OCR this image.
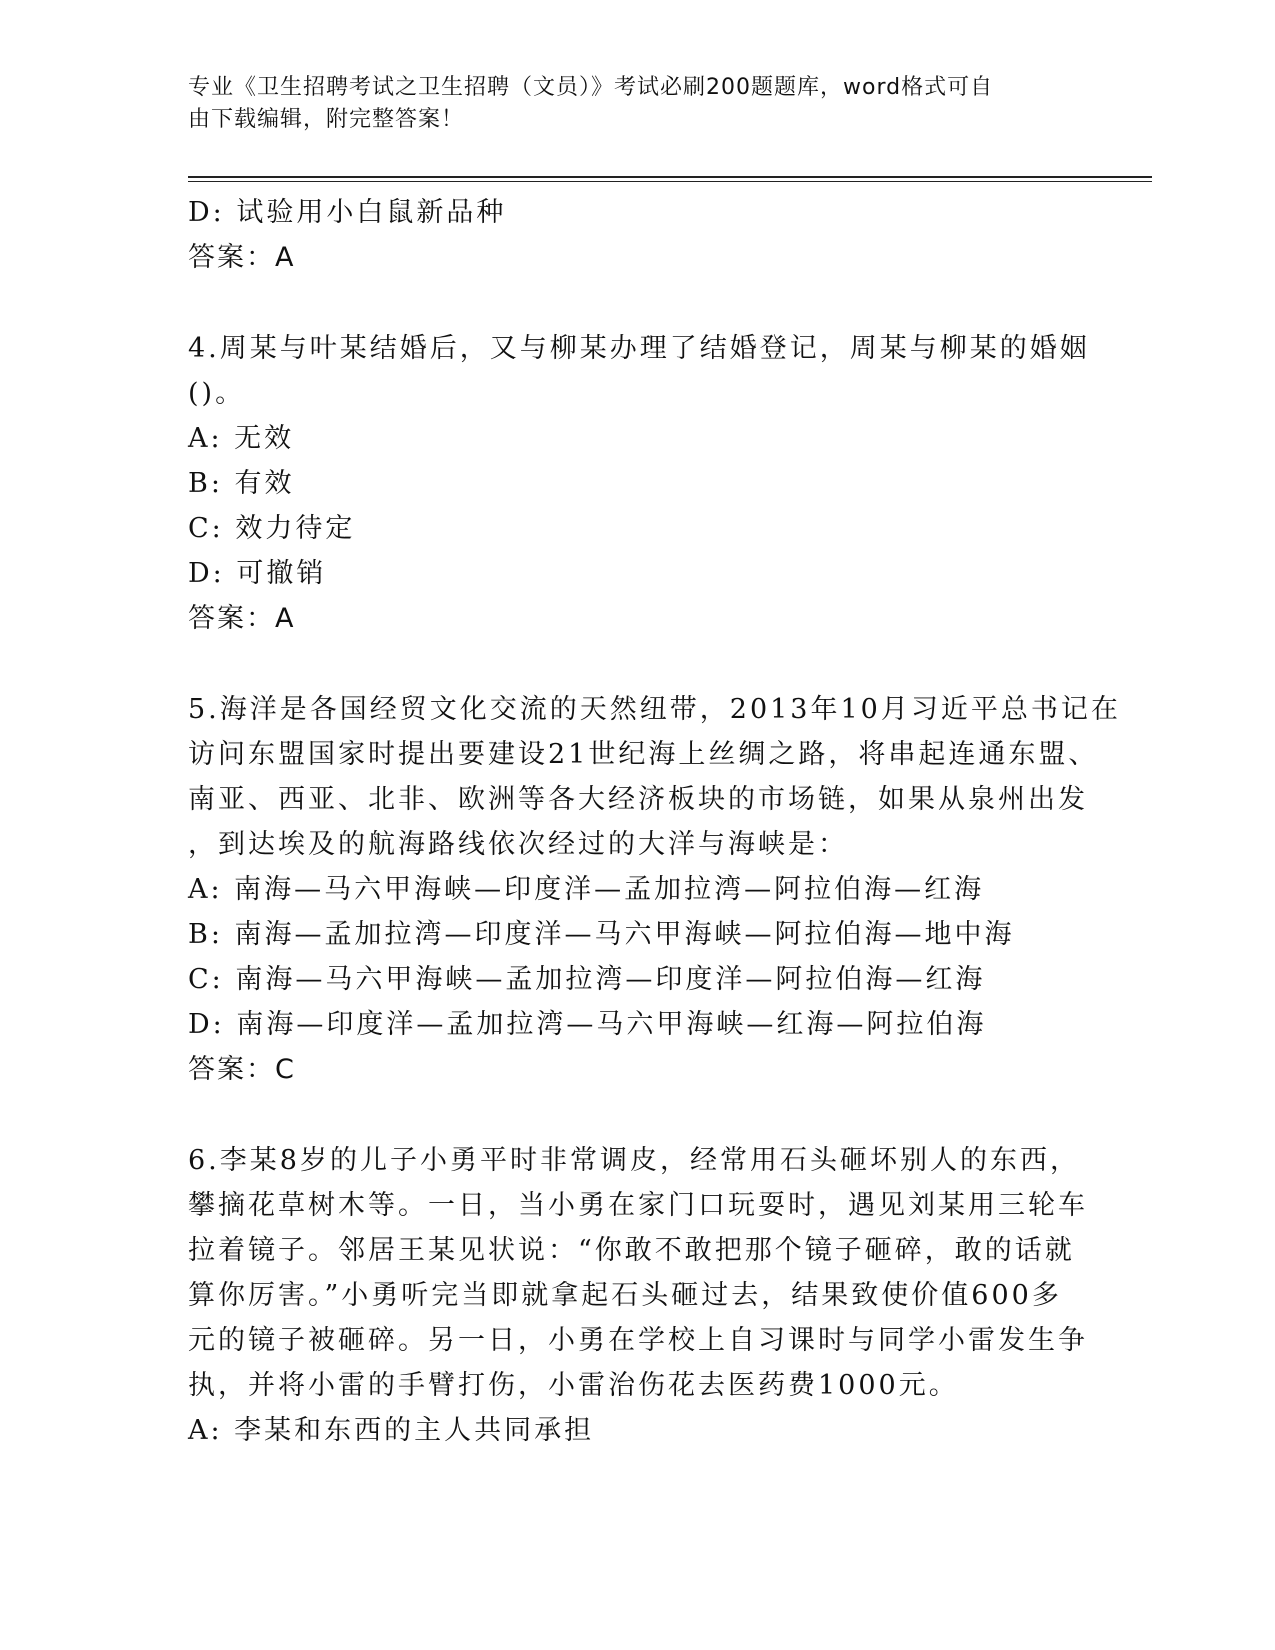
专业《卫生招聘考试之卫生招聘（文员）》考试必刷200题题库，word格式可自
由下载编辑，附完整答案！
D: 试验用小白鼠新品种
答案：A
4.周某与叶某结婚后，又与柳某办理了结婚登记，周某与柳某的婚姻
()。
A: 无效
B: 有效
C: 效力待定
D: 可撤销
答案：A
5.海洋是各国经贸文化交流的天然纽带，2013年10月习近平总书记在
访问东盟国家时提出要建设21世纪海上丝绸之路，将串起连通东盟、
南亚、西亚、北非、欧洲等各大经济板块的市场链，如果从泉州出发
，到达埃及的航海路线依次经过的大洋与海峡是：
A: 南海—马六甲海峡—印度洋—孟加拉湾—阿拉伯海—红海
B: 南海—孟加拉湾—印度洋—马六甲海峡—阿拉伯海—地中海
C: 南海—马六甲海峡—孟加拉湾—印度洋—阿拉伯海—红海
D: 南海—印度洋—孟加拉湾—马六甲海峡—红海—阿拉伯海
答案：C
6.李某8岁的儿子小勇平时非常调皮，经常用石头砸坏别人的东西，
攀摘花草树木等。一日，当小勇在家门口玩耍时，遇见刘某用三轮车
拉着镜子。邻居王某见状说：“你敢不敢把那个镜子砸碎，敢的话就
算你厉害。”小勇听完当即就拿起石头砸过去，结果致使价值600多
元的镜子被砸碎。另一日，小勇在学校上自习课时与同学小雷发生争
执，并将小雷的手臂打伤，小雷治伤花去医药费1000元。
A: 李某和东西的主人共同承担
